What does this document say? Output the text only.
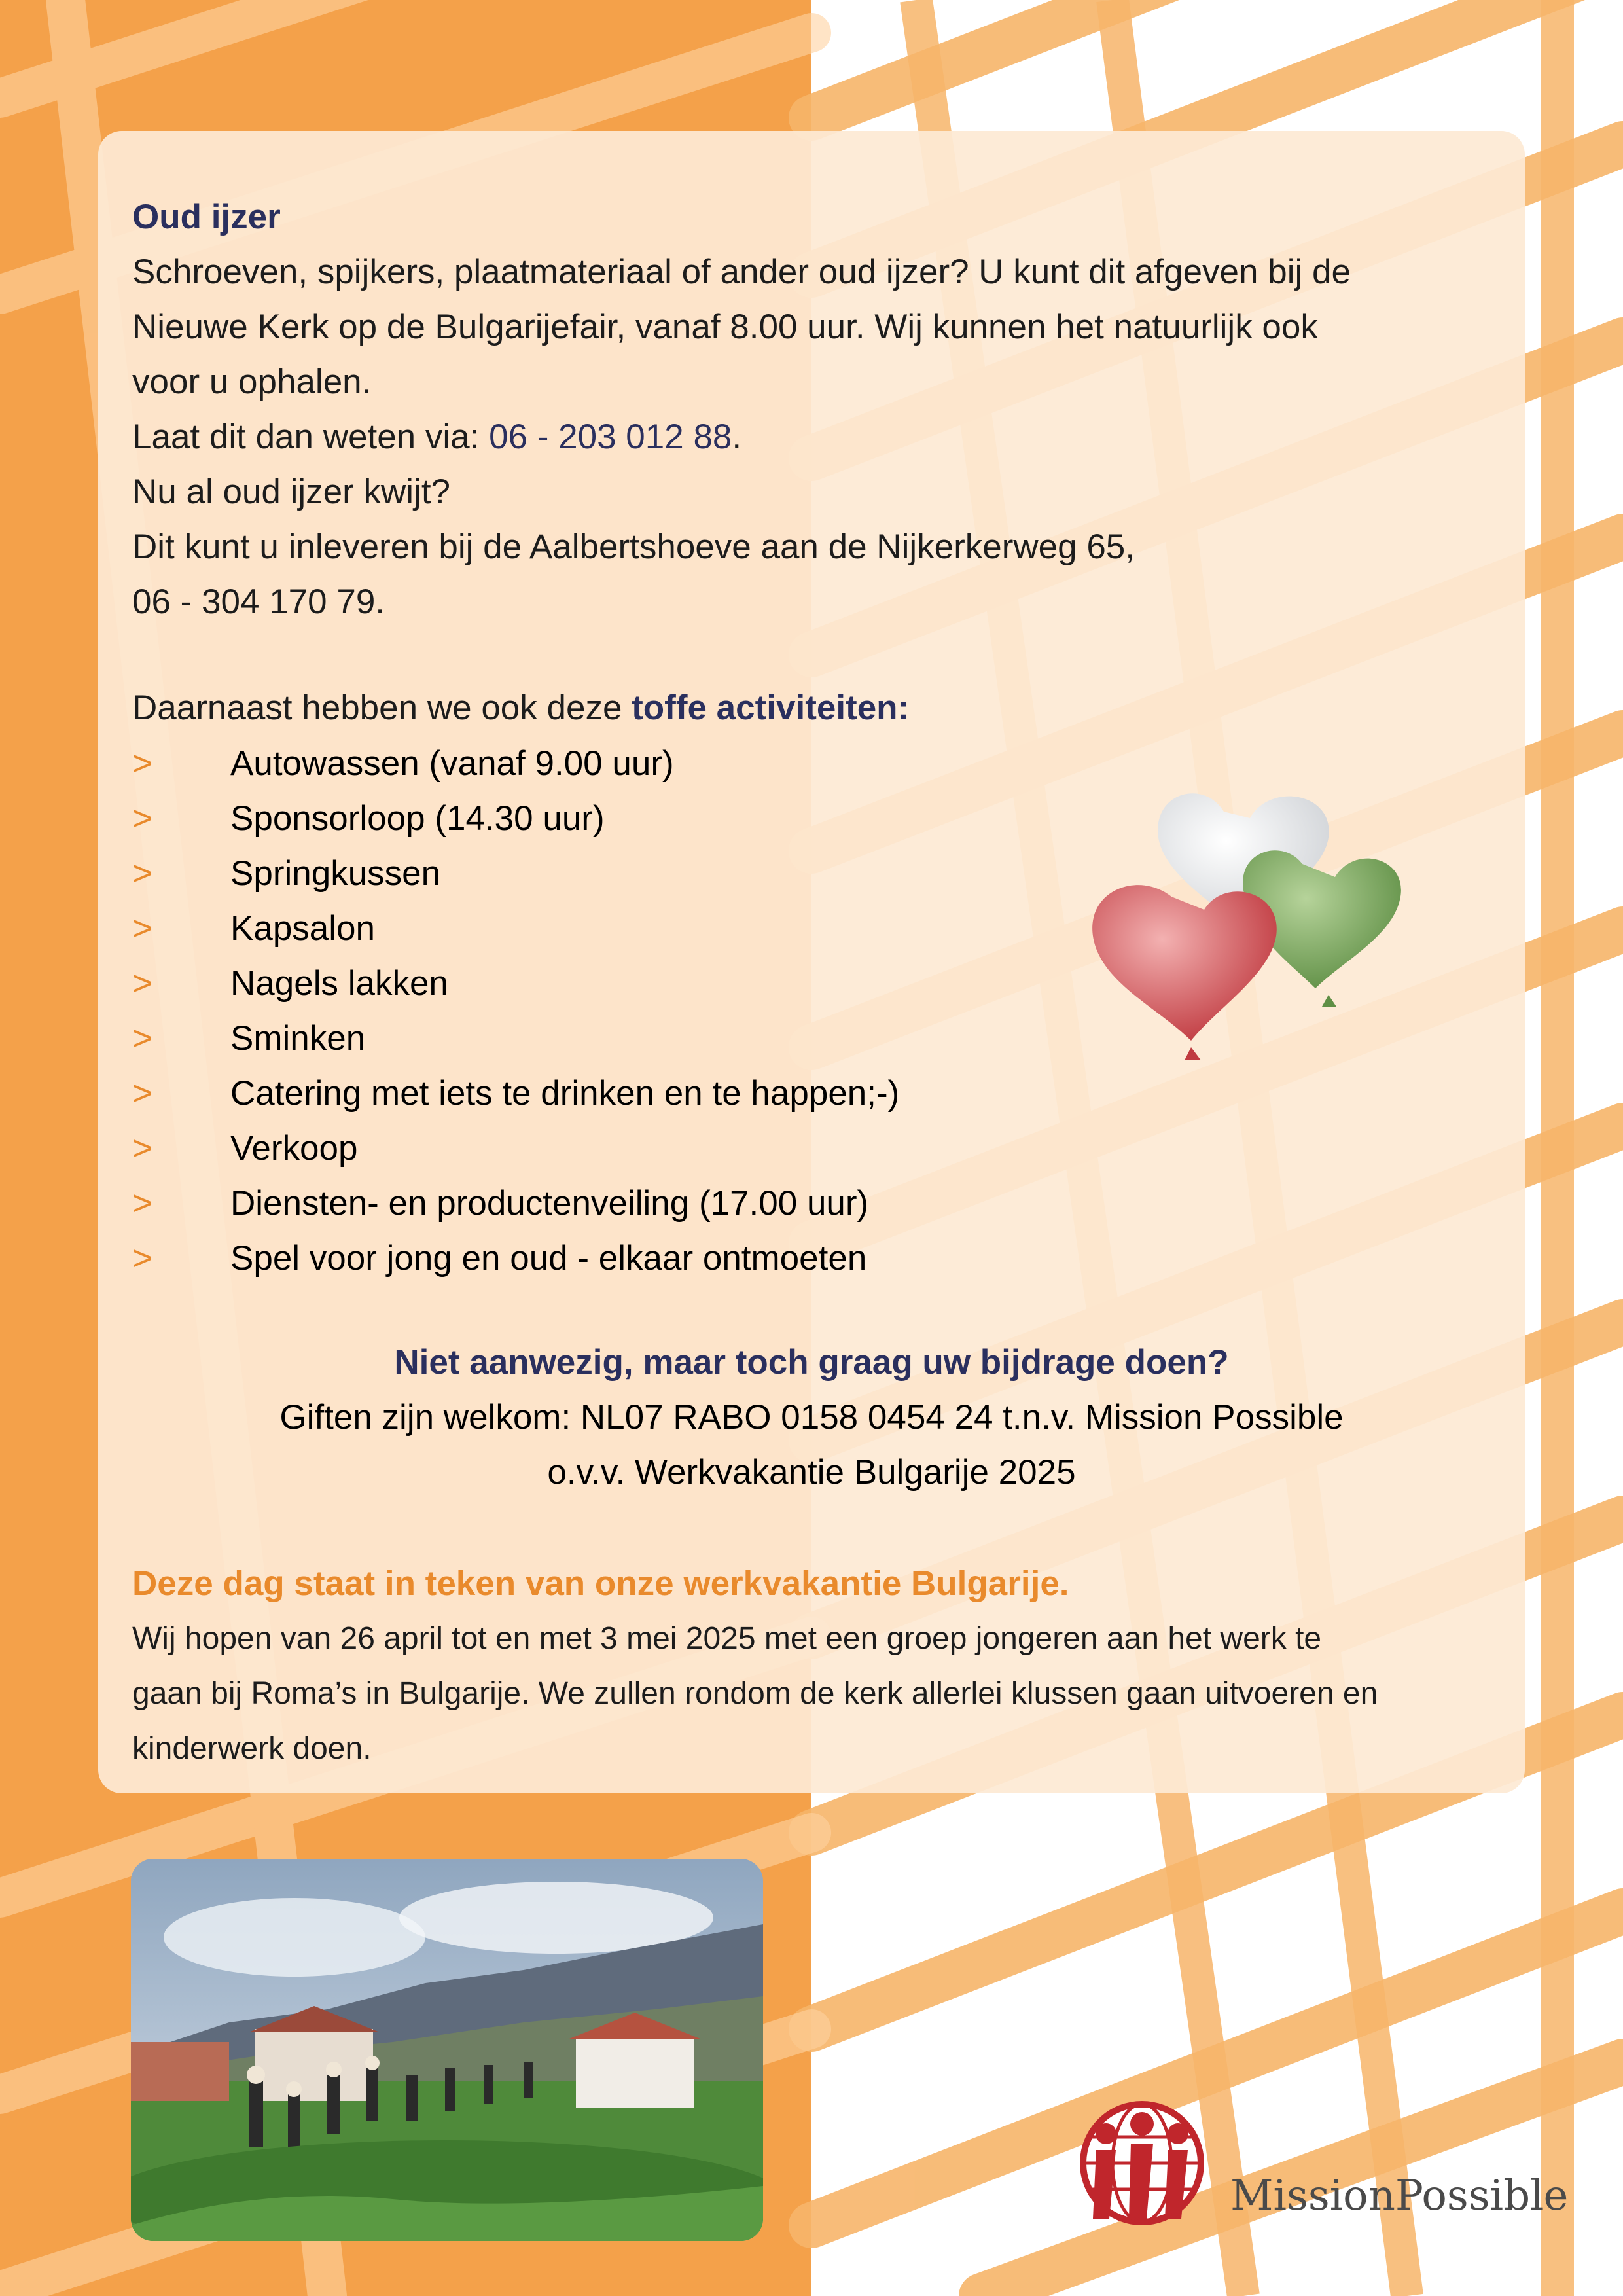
Oud ijzer
Schroeven, spijkers, plaatmateriaal of ander oud ijzer? U kunt dit afgeven bij de
Nieuwe Kerk op de Bulgarijefair, vanaf 8.00 uur. Wij kunnen het natuurlijk ook
voor u ophalen.
Laat dit dan weten via: 06 - 203 012 88.
Nu al oud ijzer kwijt?
Dit kunt u inleveren bij de Aalbertshoeve aan de Nijkerkerweg 65,
06 - 304 170 79.
Daarnaast hebben we ook deze toffe activiteiten:
>	Autowassen (vanaf 9.00 uur)
>	Sponsorloop (14.30 uur)
>	Springkussen
>	Kapsalon
>	Nagels lakken
>	Sminken
>	Catering met iets te drinken en te happen;-)
>	Verkoop
>	Diensten- en productenveiling (17.00 uur)
>	Spel voor jong en oud - elkaar ontmoeten
Niet aanwezig, maar toch graag uw bijdrage doen?
Giften zijn welkom: NL07 RABO 0158 0454 24 t.n.v. Mission Possible
o.v.v. Werkvakantie Bulgarije 2025
Deze dag staat in teken van onze werkvakantie Bulgarije.
Wij hopen van 26 april tot en met 3 mei 2025 met een groep jongeren aan het werk te
gaan bij Roma’s in Bulgarije. We zullen rondom de kerk allerlei klussen gaan uitvoeren en
kinderwerk doen.
MissionPossible
